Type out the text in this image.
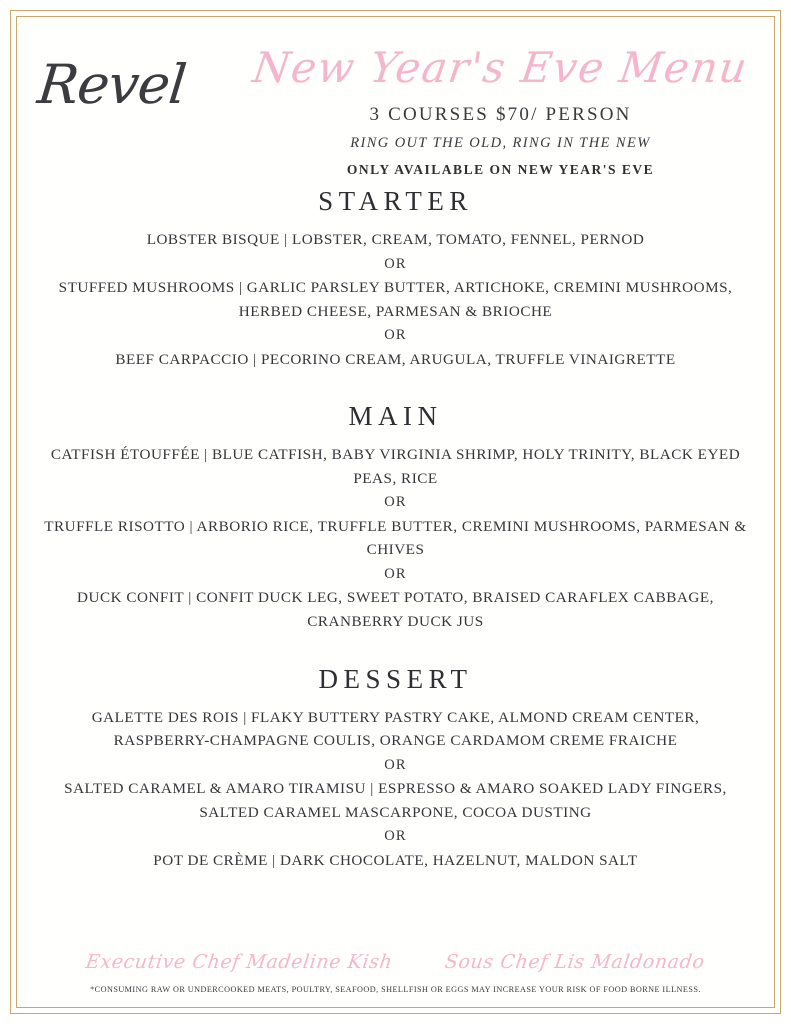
Revel	New Year's Eve Menu
3 COURSES $70/ PERSON
RING OUT THE OLD, RING IN THE NEW
ONLY AVAILABLE ON NEW YEAR'S EVE
STARTER
LOBSTER BISQUE | LOBSTER, CREAM, TOMATO, FENNEL, PERNOD
OR
STUFFED MUSHROOMS | GARLIC PARSLEY BUTTER, ARTICHOKE, CREMINI MUSHROOMS, HERBED CHEESE, PARMESAN & BRIOCHE
OR
BEEF CARPACCIO | PECORINO CREAM, ARUGULA, TRUFFLE VINAIGRETTE
MAIN
CATFISH ÉTOUFFÉE | BLUE CATFISH, BABY VIRGINIA SHRIMP, HOLY TRINITY, BLACK EYED PEAS, RICE
OR
TRUFFLE RISOTTO | ARBORIO RICE, TRUFFLE BUTTER, CREMINI MUSHROOMS, PARMESAN & CHIVES
OR
DUCK CONFIT | CONFIT DUCK LEG, SWEET POTATO, BRAISED CARAFLEX CABBAGE, CRANBERRY DUCK JUS
DESSERT
GALETTE DES ROIS | FLAKY BUTTERY PASTRY CAKE, ALMOND CREAM CENTER, RASPBERRY-CHAMPAGNE COULIS, ORANGE CARDAMOM CREME FRAICHE
OR
SALTED CARAMEL & AMARO TIRAMISU | ESPRESSO & AMARO SOAKED LADY FINGERS, SALTED CARAMEL MASCARPONE, COCOA DUSTING
OR
POT DE CRÈME | DARK CHOCOLATE, HAZELNUT, MALDON SALT
Executive Chef Madeline Kish	Sous Chef Lis Maldonado
*CONSUMING RAW OR UNDERCOOKED MEATS, POULTRY, SEAFOOD, SHELLFISH OR EGGS MAY INCREASE YOUR RISK OF FOOD BORNE ILLNESS.
